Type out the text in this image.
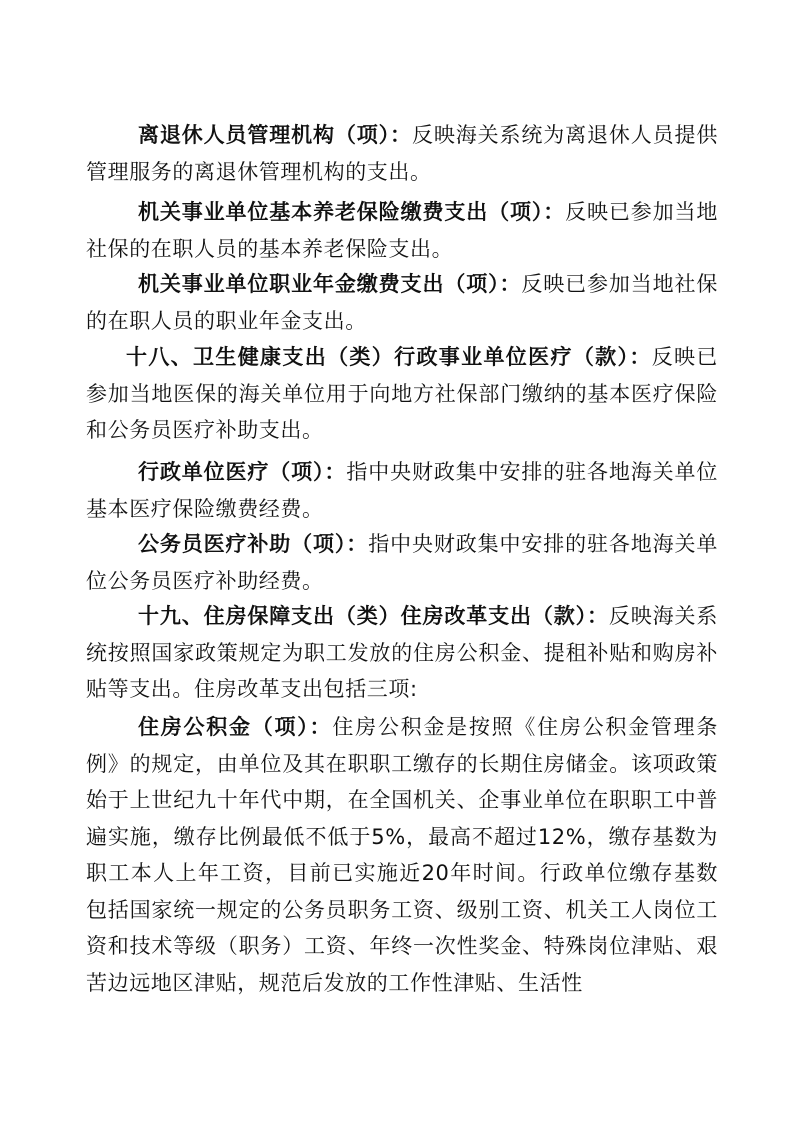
离退休人员管理机构（项）：反映海关系统为离退休人员提供管理服务的离退休管理机构的支出。

机关事业单位基本养老保险缴费支出（项）：反映已参加当地社保的在职人员的基本养老保险支出。

机关事业单位职业年金缴费支出（项）：反映已参加当地社保的在职人员的职业年金支出。

十八、卫生健康支出（类）行政事业单位医疗（款）：反映已参加当地医保的海关单位用于向地方社保部门缴纳的基本医疗保险和公务员医疗补助支出。

行政单位医疗（项）：指中央财政集中安排的驻各地海关单位基本医疗保险缴费经费。

公务员医疗补助（项）：指中央财政集中安排的驻各地海关单位公务员医疗补助经费。

十九、住房保障支出（类）住房改革支出（款）：反映海关系统按照国家政策规定为职工发放的住房公积金、提租补贴和购房补贴等支出。住房改革支出包括三项:

住房公积金（项）：住房公积金是按照《住房公积金管理条例》的规定，由单位及其在职职工缴存的长期住房储金。该项政策始于上世纪九十年代中期，在全国机关、企事业单位在职职工中普遍实施，缴存比例最低不低于5%，最高不超过12%，缴存基数为职工本人上年工资，目前已实施近20年时间。行政单位缴存基数包括国家统一规定的公务员职务工资、级别工资、机关工人岗位工资和技术等级（职务）工资、年终一次性奖金、特殊岗位津贴、艰苦边远地区津贴，规范后发放的工作性津贴、生活性
